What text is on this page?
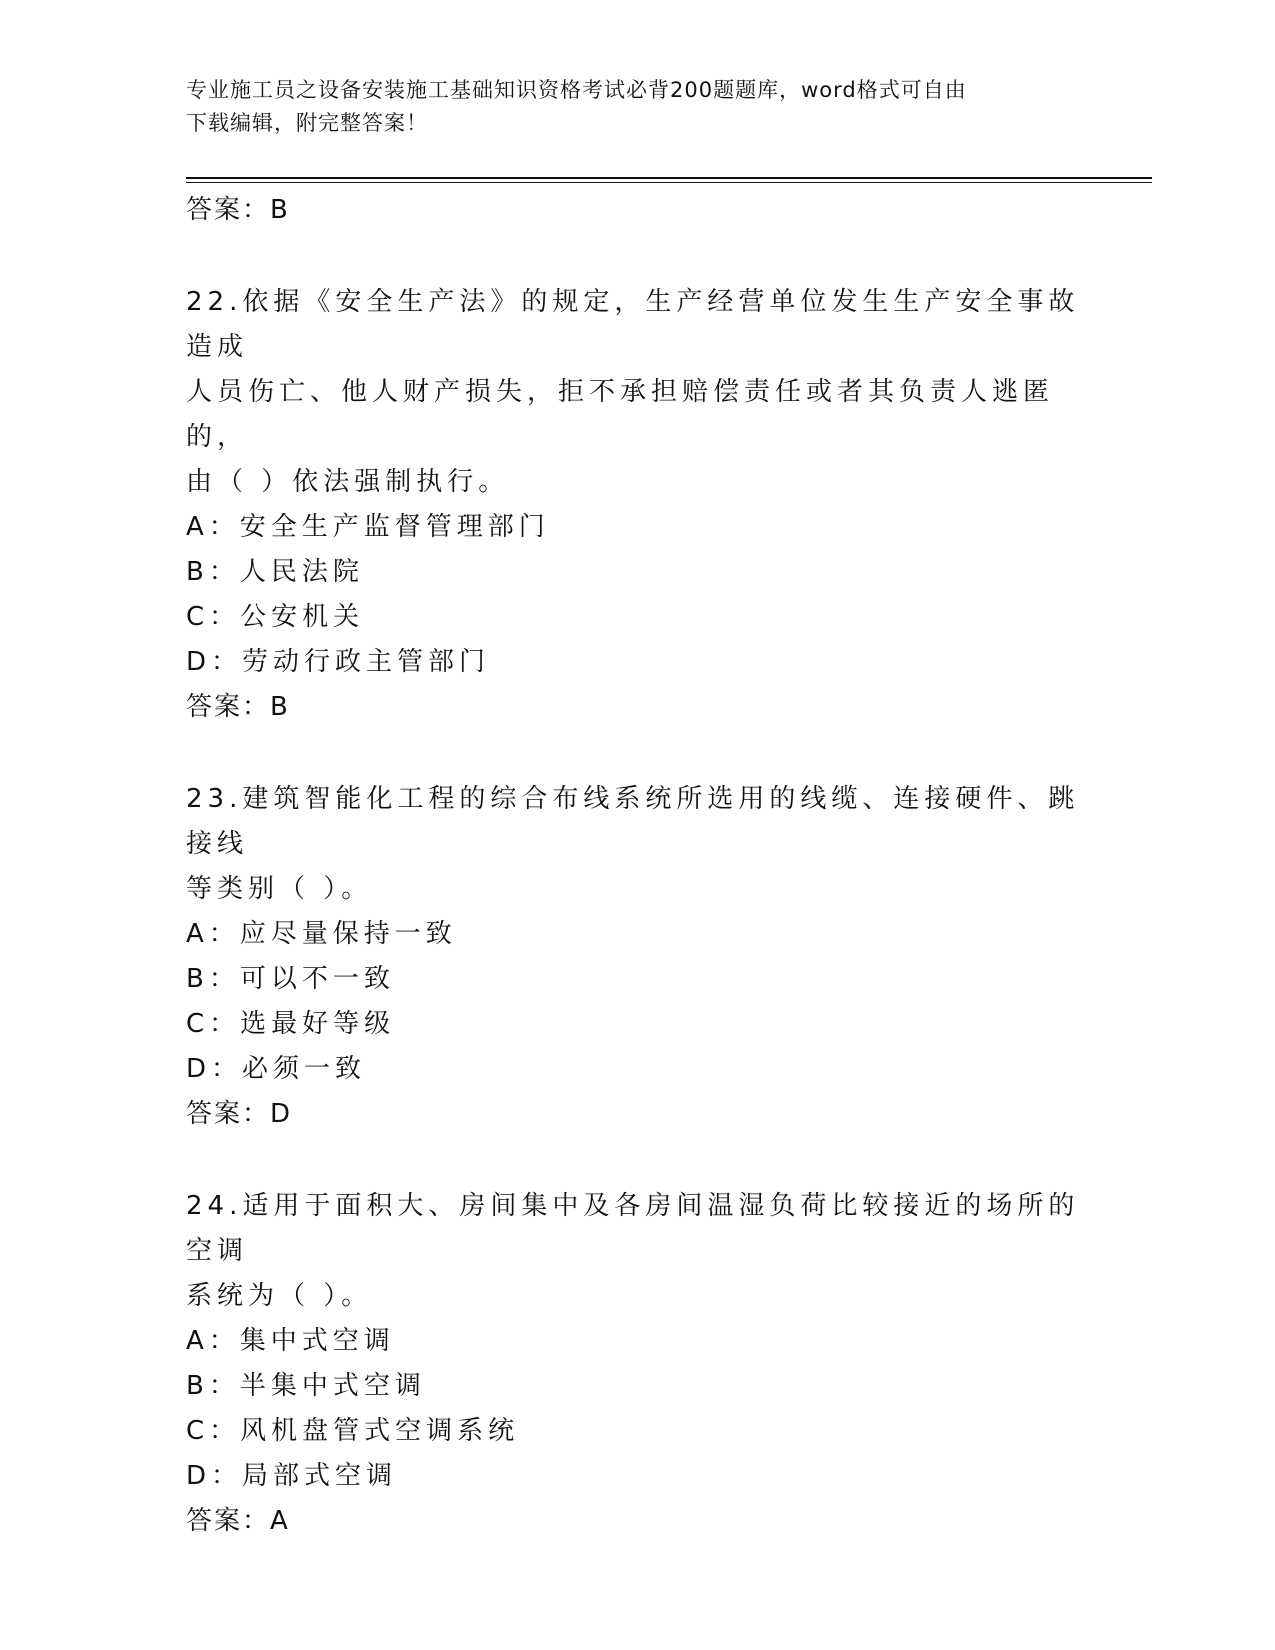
专业施工员之设备安装施工基础知识资格考试必背200题题库，word格式可自由
下载编辑，附完整答案！
答案：B

22.依据《安全生产法》的规定，生产经营单位发生生产安全事故造成

人员伤亡、他人财产损失，拒不承担赔偿责任或者其负责人逃匿的，

由（ ）依法强制执行。

A：安全生产监督管理部门

B：人民法院

C：公安机关

D：劳动行政主管部门

答案：B

23.建筑智能化工程的综合布线系统所选用的线缆、连接硬件、跳接线

等类别（ ）。

A：应尽量保持一致

B：可以不一致

C：选最好等级

D：必须一致

答案：D

24.适用于面积大、房间集中及各房间温湿负荷比较接近的场所的空调

系统为（ ）。

A：集中式空调

B：半集中式空调

C：风机盘管式空调系统

D：局部式空调

答案：A
